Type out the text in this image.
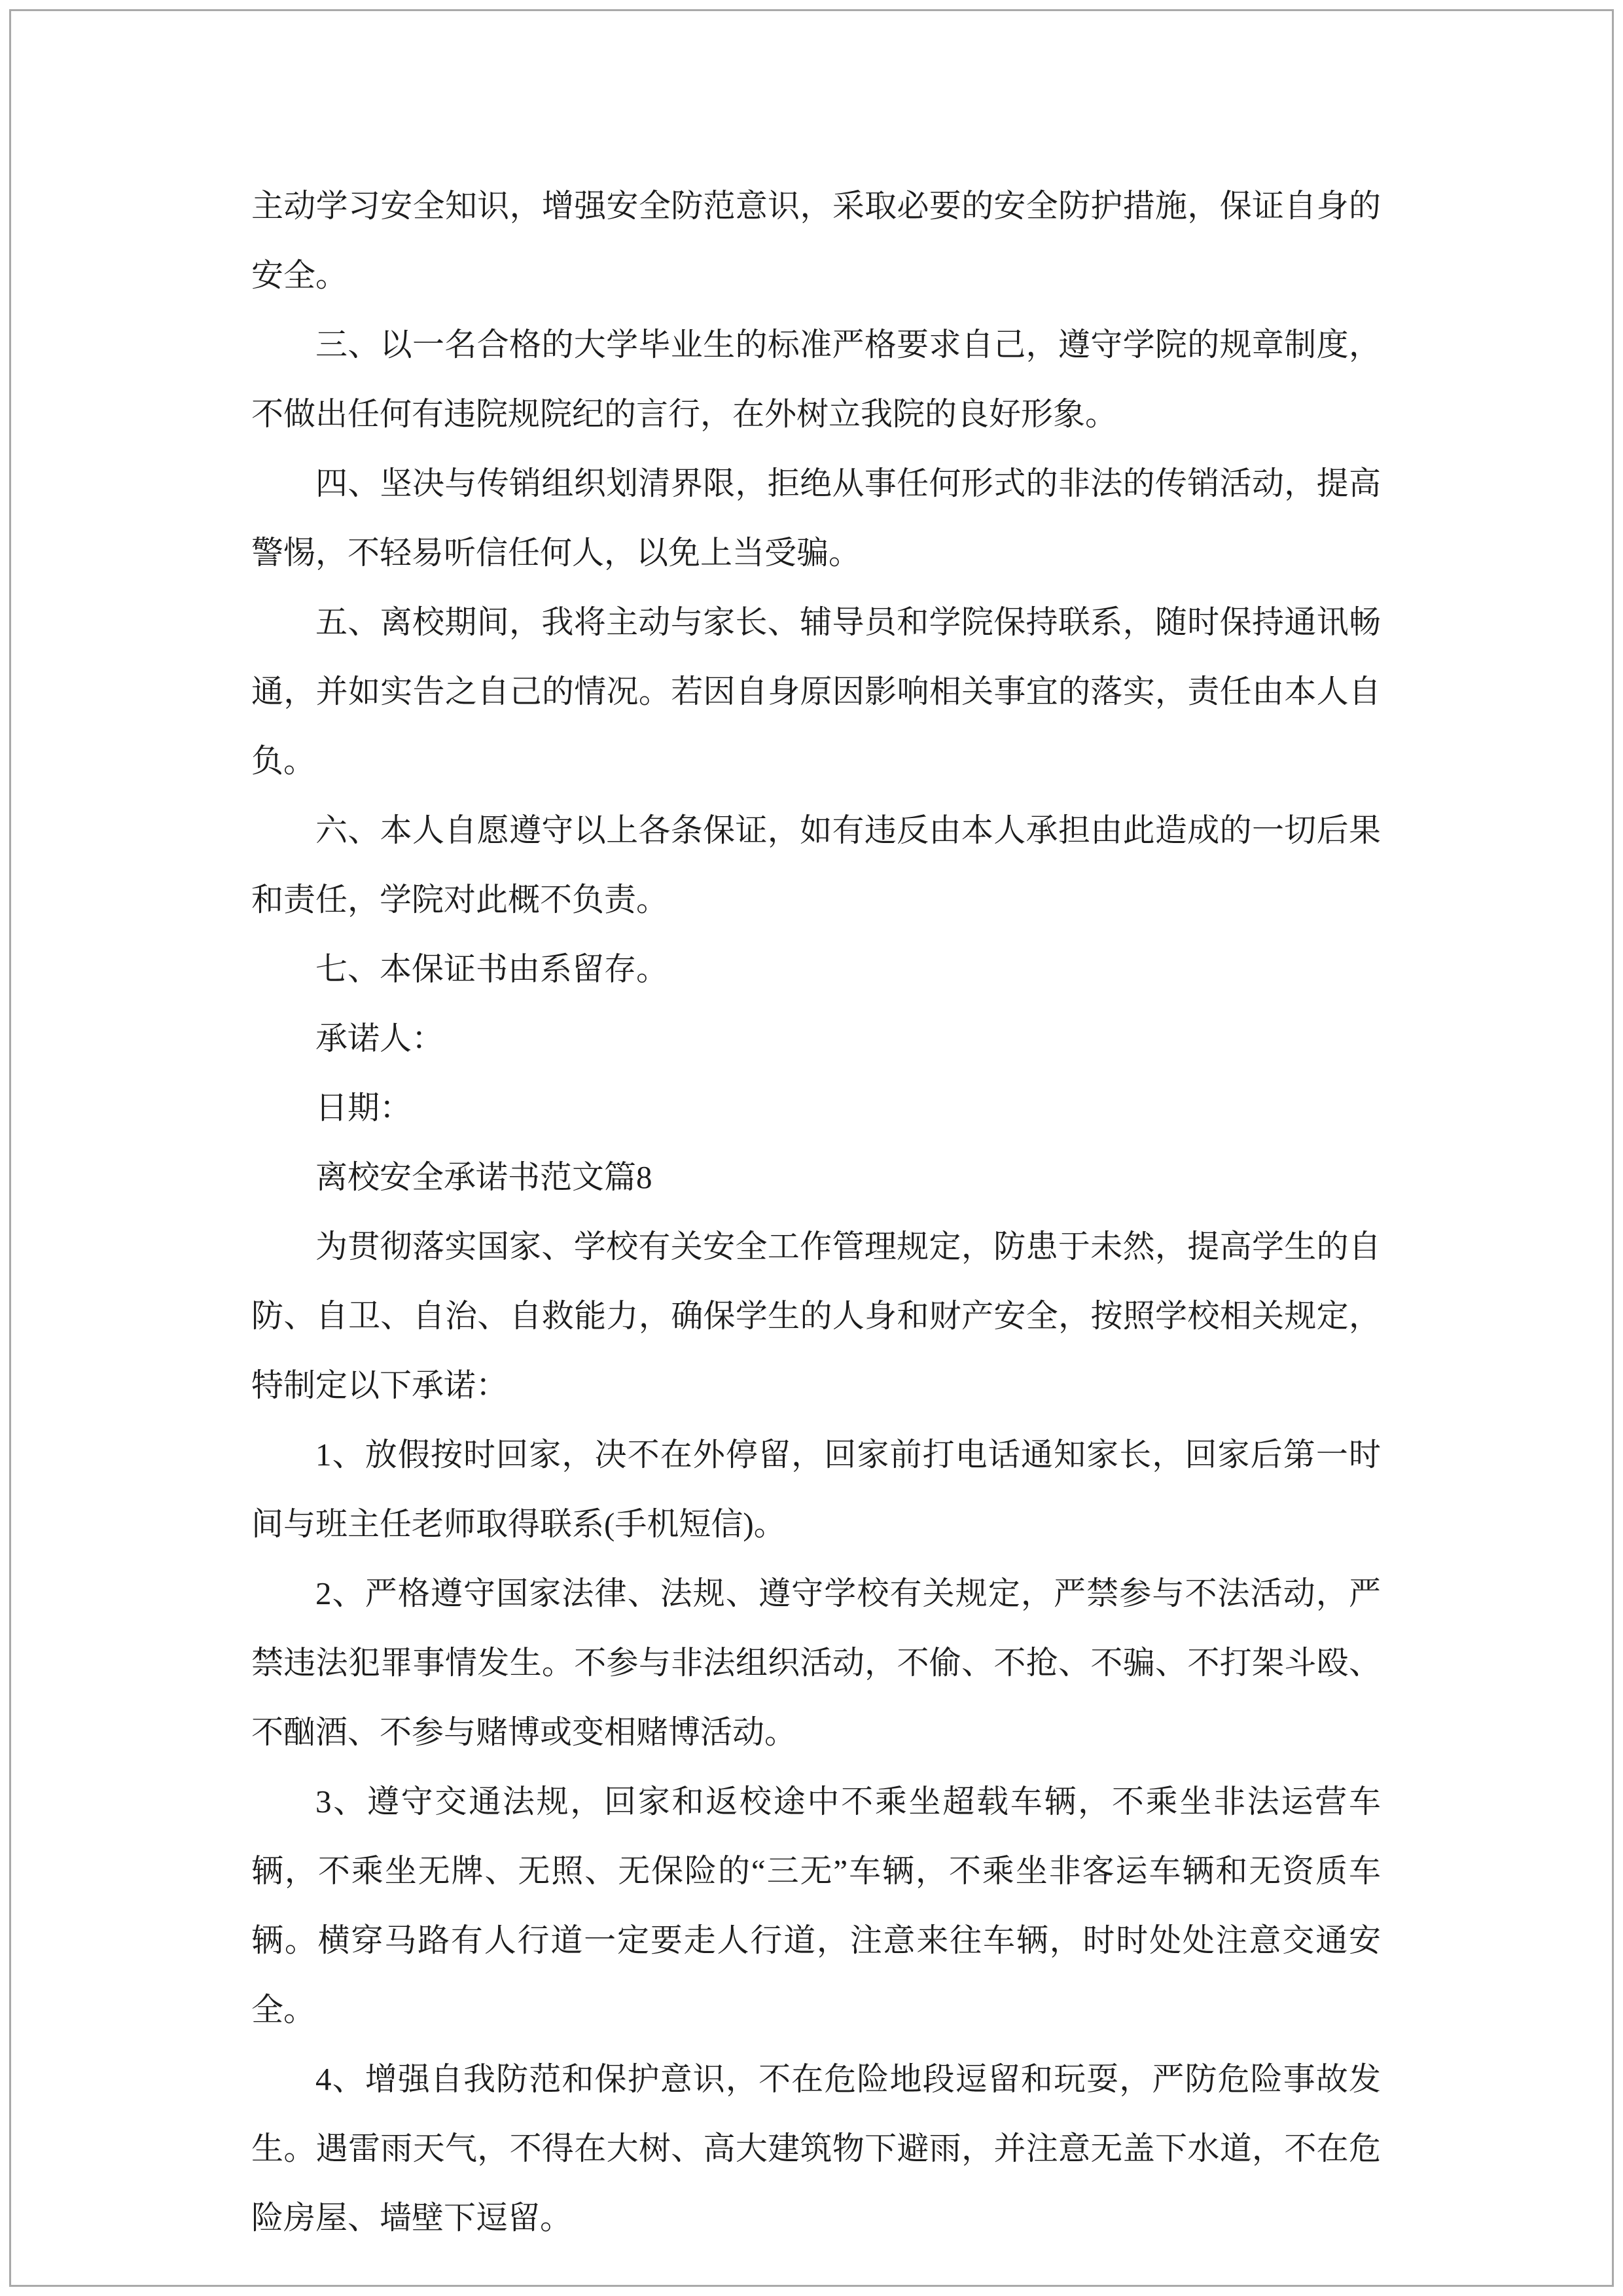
主动学习安全知识，增强安全防范意识，采取必要的安全防护措施，保证自身的安全。

三、以一名合格的大学毕业生的标准严格要求自己，遵守学院的规章制度，不做出任何有违院规院纪的言行，在外树立我院的良好形象。

四、坚决与传销组织划清界限，拒绝从事任何形式的非法的传销活动，提高警惕，不轻易听信任何人，以免上当受骗。

五、离校期间，我将主动与家长、辅导员和学院保持联系，随时保持通讯畅通，并如实告之自己的情况。若因自身原因影响相关事宜的落实，责任由本人自负。

六、本人自愿遵守以上各条保证，如有违反由本人承担由此造成的一切后果和责任，学院对此概不负责。

七、本保证书由系留存。

承诺人：

日期：

离校安全承诺书范文篇8

为贯彻落实国家、学校有关安全工作管理规定，防患于未然，提高学生的自防、自卫、自治、自救能力，确保学生的人身和财产安全，按照学校相关规定，特制定以下承诺：

1、放假按时回家，决不在外停留，回家前打电话通知家长，回家后第一时间与班主任老师取得联系(手机短信)。

2、严格遵守国家法律、法规、遵守学校有关规定，严禁参与不法活动，严禁违法犯罪事情发生。不参与非法组织活动，不偷、不抢、不骗、不打架斗殴、不酗酒、不参与赌博或变相赌博活动。

3、遵守交通法规，回家和返校途中不乘坐超载车辆，不乘坐非法运营车辆，不乘坐无牌、无照、无保险的“三无”车辆，不乘坐非客运车辆和无资质车辆。横穿马路有人行道一定要走人行道，注意来往车辆，时时处处注意交通安全。

4、增强自我防范和保护意识，不在危险地段逗留和玩耍，严防危险事故发生。遇雷雨天气，不得在大树、高大建筑物下避雨，并注意无盖下水道，不在危险房屋、墙壁下逗留。
